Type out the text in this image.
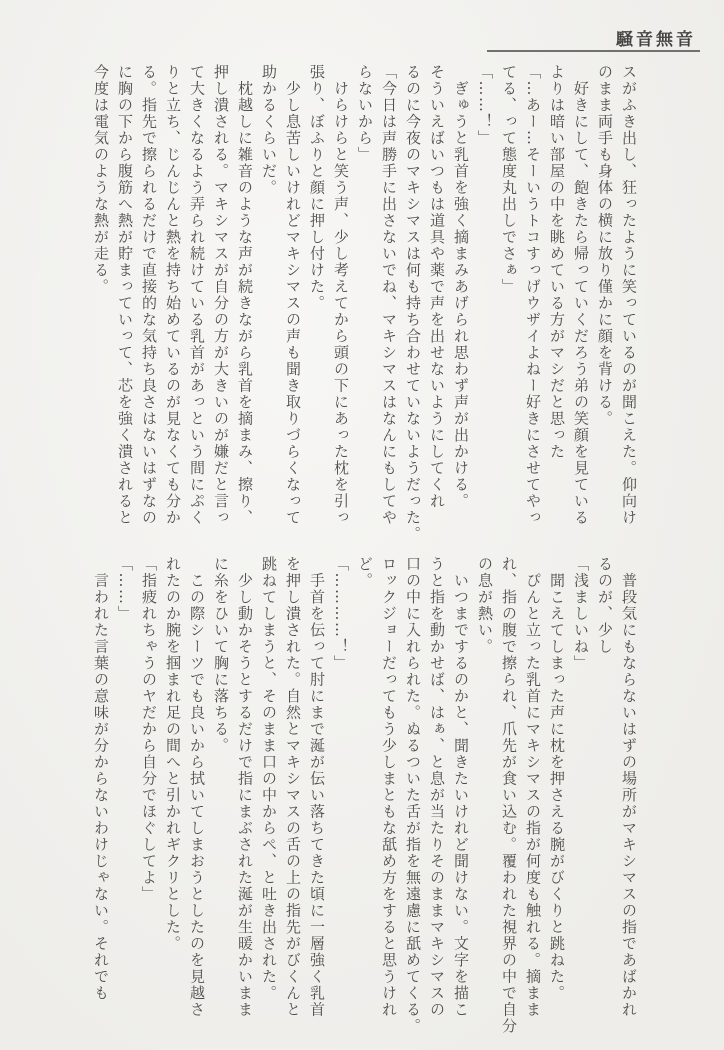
騒音無音

スがふき出し、狂ったように笑っているのが聞こえた。仰向け

のまま両手も身体の横に放り僅かに顔を背ける。

　好きにして、飽きたら帰っていくだろう弟の笑顔を見ている

よりは暗い部屋の中を眺めている方がマシだと思った

「…あー…そーいうトコすっげウザイよねー好きにさせてやっ

てる、って態度丸出しでさぁ」

「……！」

　ぎゅうと乳首を強く摘まみあげられ思わず声が出かける。

そういえばいつもは道具や薬で声を出せないようにしてくれ

るのに今夜のマキシマスは何も持ち合わせていないようだった。

「今日は声勝手に出さないでね、マキシマスはなんにもしてや

らないから」

　けらけらと笑う声、少し考えてから頭の下にあった枕を引っ

張り、ぼふりと顔に押し付けた。

　少し息苦しいけれどマキシマスの声も聞き取りづらくなって

助かるくらいだ。

　枕越しに雑音のような声が続きながら乳首を摘まみ、擦り、

押し潰される。マキシマスが自分の方が大きいのが嫌だと言っ

て大きくなるよう弄られ続けている乳首があっという間にぷく

りと立ち、じんじんと熱を持ち始めているのが見なくても分か

る。指先で擦られるだけで直接的な気持ち良さはないはずなの

に胸の下から腹筋へ熱が貯まっていって、芯を強く潰されると

今度は電気のような熱が走る。

　普段気にもならないはずの場所がマキシマスの指であばかれ

るのが、少し

「浅ましいね」

　聞こえてしまった声に枕を押さえる腕がびくりと跳ねた。

　ぴんと立った乳首にマキシマスの指が何度も触れる。摘まま

れ、指の腹で擦られ、爪先が食い込む。覆われた視界の中で自分

の息が熱い。

　いつまでするのかと、聞きたいけれど聞けない。文字を描こ

うと指を動かせば、はぁ、と息が当たりそのままマキシマスの

口の中に入れられた。ぬるついた舌が指を無遠慮に舐めてくる。

ロックジョーだってもう少しまともな舐め方をすると思うけれ

ど。

「…………！」

　手首を伝って肘にまで涎が伝い落ちてきた頃に一層強く乳首

を押し潰された。自然とマキシマスの舌の上の指先がびくんと

跳ねてしまうと、そのまま口の中からぺ、と吐き出された。

　少し動かそうとするだけで指にまぶされた涎が生暖かいまま

に糸をひいて胸に落ちる。

　この際シーツでも良いから拭いてしまおうとしたのを見越さ

れたのか腕を掴まれ足の間へと引かれギクリとした。

「指疲れちゃうのヤだから自分でほぐしてよ」

「……」

　言われた言葉の意味が分からないわけじゃない。それでも
